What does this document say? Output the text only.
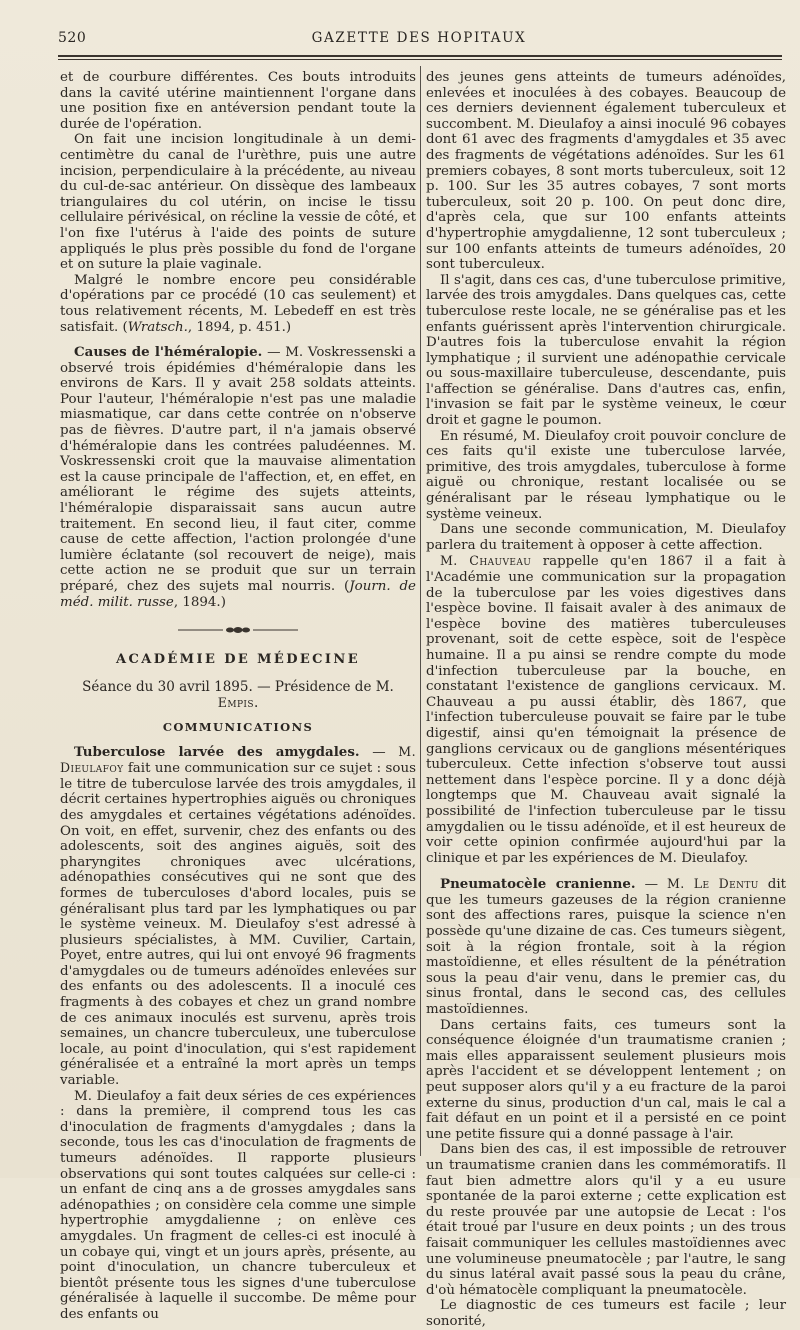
520	GAZETTE DES HOPITAUX

et de courbure différentes. Ces bouts introduits dans la cavité utérine maintiennent l'organe dans une position fixe en antéversion pendant toute la durée de l'opération.

On fait une incision longitudinale à un demi-centimètre du canal de l'urèthre, puis une autre incision, perpendiculaire à la précédente, au niveau du cul-de-sac antérieur. On dissèque des lambeaux triangulaires du col utérin, on incise le tissu cellulaire périvésical, on récline la vessie de côté, et l'on fixe l'utérus à l'aide des points de suture appliqués le plus près possible du fond de l'organe et on suture la plaie vaginale.

Malgré le nombre encore peu considérable d'opérations par ce procédé (10 cas seulement) et tous relativement récents, M. Lebedeff en est très satisfait. (Wratsch., 1894, p. 451.)

Causes de l'héméralopie. — M. Voskressenski a observé trois épidémies d'héméralopie dans les environs de Kars. Il y avait 258 soldats atteints. Pour l'auteur, l'héméralopie n'est pas une maladie miasmatique, car dans cette contrée on n'observe pas de fièvres. D'autre part, il n'a jamais observé d'héméralopie dans les contrées paludéennes. M. Voskressenski croit que la mauvaise alimentation est la cause principale de l'affection, et, en effet, en améliorant le régime des sujets atteints, l'héméralopie disparaissait sans aucun autre traitement. En second lieu, il faut citer, comme cause de cette affection, l'action prolongée d'une lumière éclatante (sol recouvert de neige), mais cette action ne se produit que sur un terrain préparé, chez des sujets mal nourris. (Journ. de méd. milit. russe, 1894.)

ACADÉMIE DE MÉDECINE

Séance du 30 avril 1895. — Présidence de M. Empis.

COMMUNICATIONS

Tuberculose larvée des amygdales. — M. Dieulafoy fait une communication sur ce sujet : sous le titre de tuberculose larvée des trois amygdales, il décrit certaines hypertrophies aiguës ou chroniques des amygdales et certaines végétations adénoïdes. On voit, en effet, survenir, chez des enfants ou des adolescents, soit des angines aiguës, soit des pharyngites chroniques avec ulcérations, adénopathies consécutives qui ne sont que des formes de tuberculoses d'abord locales, puis se généralisant plus tard par les lymphatiques ou par le système veineux. M. Dieulafoy s'est adressé à plusieurs spécialistes, à MM. Cuvilier, Cartain, Poyet, entre autres, qui lui ont envoyé 96 fragments d'amygdales ou de tumeurs adénoïdes enlevées sur des enfants ou des adolescents. Il a inoculé ces fragments à des cobayes et chez un grand nombre de ces animaux inoculés est survenu, après trois semaines, un chancre tuberculeux, une tuberculose locale, au point d'inoculation, qui s'est rapidement généralisée et a entraîné la mort après un temps variable.

M. Dieulafoy a fait deux séries de ces expériences : dans la première, il comprend tous les cas d'inoculation de fragments d'amygdales ; dans la seconde, tous les cas d'inoculation de fragments de tumeurs adénoïdes. Il rapporte plusieurs observations qui sont toutes calquées sur celle-ci : un enfant de cinq ans a de grosses amygdales sans adénopathies ; on considère cela comme une simple hypertrophie amygdalienne ; on enlève ces amygdales. Un fragment de celles-ci est inoculé à un cobaye qui, vingt et un jours après, présente, au point d'inoculation, un chancre tuberculeux et bientôt présente tous les signes d'une tuberculose généralisée à laquelle il succombe. De même pour des enfants ou

des jeunes gens atteints de tumeurs adénoïdes, enlevées et inoculées à des cobayes. Beaucoup de ces derniers deviennent également tuberculeux et succombent. M. Dieulafoy a ainsi inoculé 96 cobayes dont 61 avec des fragments d'amygdales et 35 avec des fragments de végétations adénoïdes. Sur les 61 premiers cobayes, 8 sont morts tuberculeux, soit 12 p. 100. Sur les 35 autres cobayes, 7 sont morts tuberculeux, soit 20 p. 100. On peut donc dire, d'après cela, que sur 100 enfants atteints d'hypertrophie amygdalienne, 12 sont tuberculeux ; sur 100 enfants atteints de tumeurs adénoïdes, 20 sont tuberculeux.

Il s'agit, dans ces cas, d'une tuberculose primitive, larvée des trois amygdales. Dans quelques cas, cette tuberculose reste locale, ne se généralise pas et les enfants guérissent après l'intervention chirurgicale. D'autres fois la tuberculose envahit la région lymphatique ; il survient une adénopathie cervicale ou sous-maxillaire tuberculeuse, descendante, puis l'affection se généralise. Dans d'autres cas, enfin, l'invasion se fait par le système veineux, le cœur droit et gagne le poumon.

En résumé, M. Dieulafoy croit pouvoir conclure de ces faits qu'il existe une tuberculose larvée, primitive, des trois amygdales, tuberculose à forme aiguë ou chronique, restant localisée ou se généralisant par le réseau lymphatique ou le système veineux.

Dans une seconde communication, M. Dieulafoy parlera du traitement à opposer à cette affection.

M. Chauveau rappelle qu'en 1867 il a fait à l'Académie une communication sur la propagation de la tuberculose par les voies digestives dans l'espèce bovine. Il faisait avaler à des animaux de l'espèce bovine des matières tuberculeuses provenant, soit de cette espèce, soit de l'espèce humaine. Il a pu ainsi se rendre compte du mode d'infection tuberculeuse par la bouche, en constatant l'existence de ganglions cervicaux. M. Chauveau a pu aussi établir, dès 1867, que l'infection tuberculeuse pouvait se faire par le tube digestif, ainsi qu'en témoignait la présence de ganglions cervicaux ou de ganglions mésentériques tuberculeux. Cette infection s'observe tout aussi nettement dans l'espèce porcine. Il y a donc déjà longtemps que M. Chauveau avait signalé la possibilité de l'infection tuberculeuse par le tissu amygdalien ou le tissu adénoïde, et il est heureux de voir cette opinion confirmée aujourd'hui par la clinique et par les expériences de M. Dieulafoy.

Pneumatocèle cranienne. — M. Le Dentu dit que les tumeurs gazeuses de la région cranienne sont des affections rares, puisque la science n'en possède qu'une dizaine de cas. Ces tumeurs siègent, soit à la région frontale, soit à la région mastoïdienne, et elles résultent de la pénétration sous la peau d'air venu, dans le premier cas, du sinus frontal, dans le second cas, des cellules mastoïdiennes.

Dans certains faits, ces tumeurs sont la conséquence éloignée d'un traumatisme cranien ; mais elles apparaissent seulement plusieurs mois après l'accident et se développent lentement ; on peut supposer alors qu'il y a eu fracture de la paroi externe du sinus, production d'un cal, mais le cal a fait défaut en un point et il a persisté en ce point une petite fissure qui a donné passage à l'air.

Dans bien des cas, il est impossible de retrouver un traumatisme cranien dans les commémoratifs. Il faut bien admettre alors qu'il y a eu usure spontanée de la paroi externe ; cette explication est du reste prouvée par une autopsie de Lecat : l'os était troué par l'usure en deux points ; un des trous faisait communiquer les cellules mastoïdiennes avec une volumineuse pneumatocèle ; par l'autre, le sang du sinus latéral avait passé sous la peau du crâne, d'où hématocèle compliquant la pneumatocèle.

Le diagnostic de ces tumeurs est facile ; leur sonorité,
